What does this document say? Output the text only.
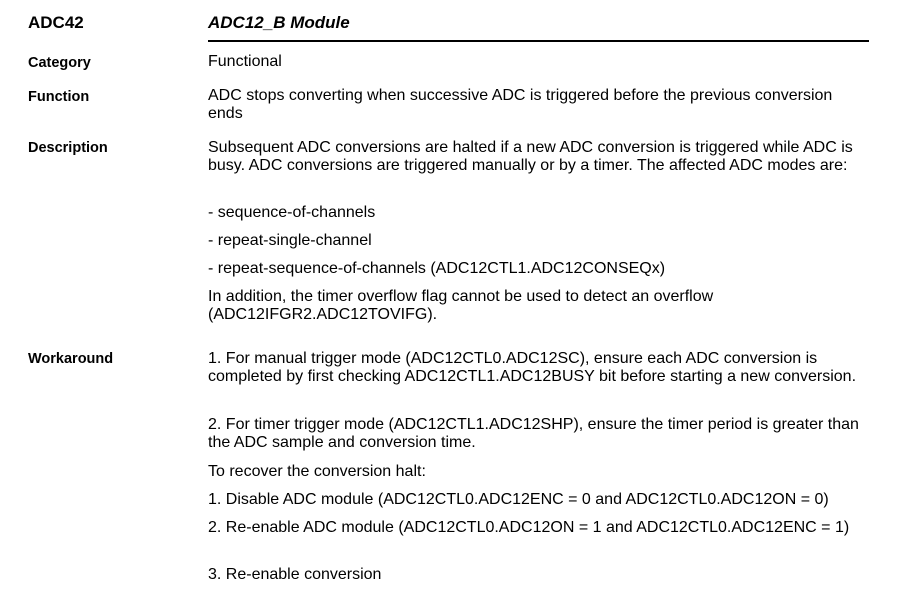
ADC42	ADC12_B Module
Category	Functional
Function	ADC stops converting when successive ADC is triggered before the previous conversion ends
Description	Subsequent ADC conversions are halted if a new ADC conversion is triggered while ADC is busy. ADC conversions are triggered manually or by a timer. The affected ADC modes are:
- sequence-of-channels
- repeat-single-channel
- repeat-sequence-of-channels (ADC12CTL1.ADC12CONSEQx)
In addition, the timer overflow flag cannot be used to detect an overflow (ADC12IFGR2.ADC12TOVIFG).
Workaround	1. For manual trigger mode (ADC12CTL0.ADC12SC), ensure each ADC conversion is completed by first checking ADC12CTL1.ADC12BUSY bit before starting a new conversion.
2. For timer trigger mode (ADC12CTL1.ADC12SHP), ensure the timer period is greater than the ADC sample and conversion time.
To recover the conversion halt:
1. Disable ADC module (ADC12CTL0.ADC12ENC = 0 and ADC12CTL0.ADC12ON = 0)
2. Re-enable ADC module (ADC12CTL0.ADC12ON = 1 and ADC12CTL0.ADC12ENC = 1)
3. Re-enable conversion
